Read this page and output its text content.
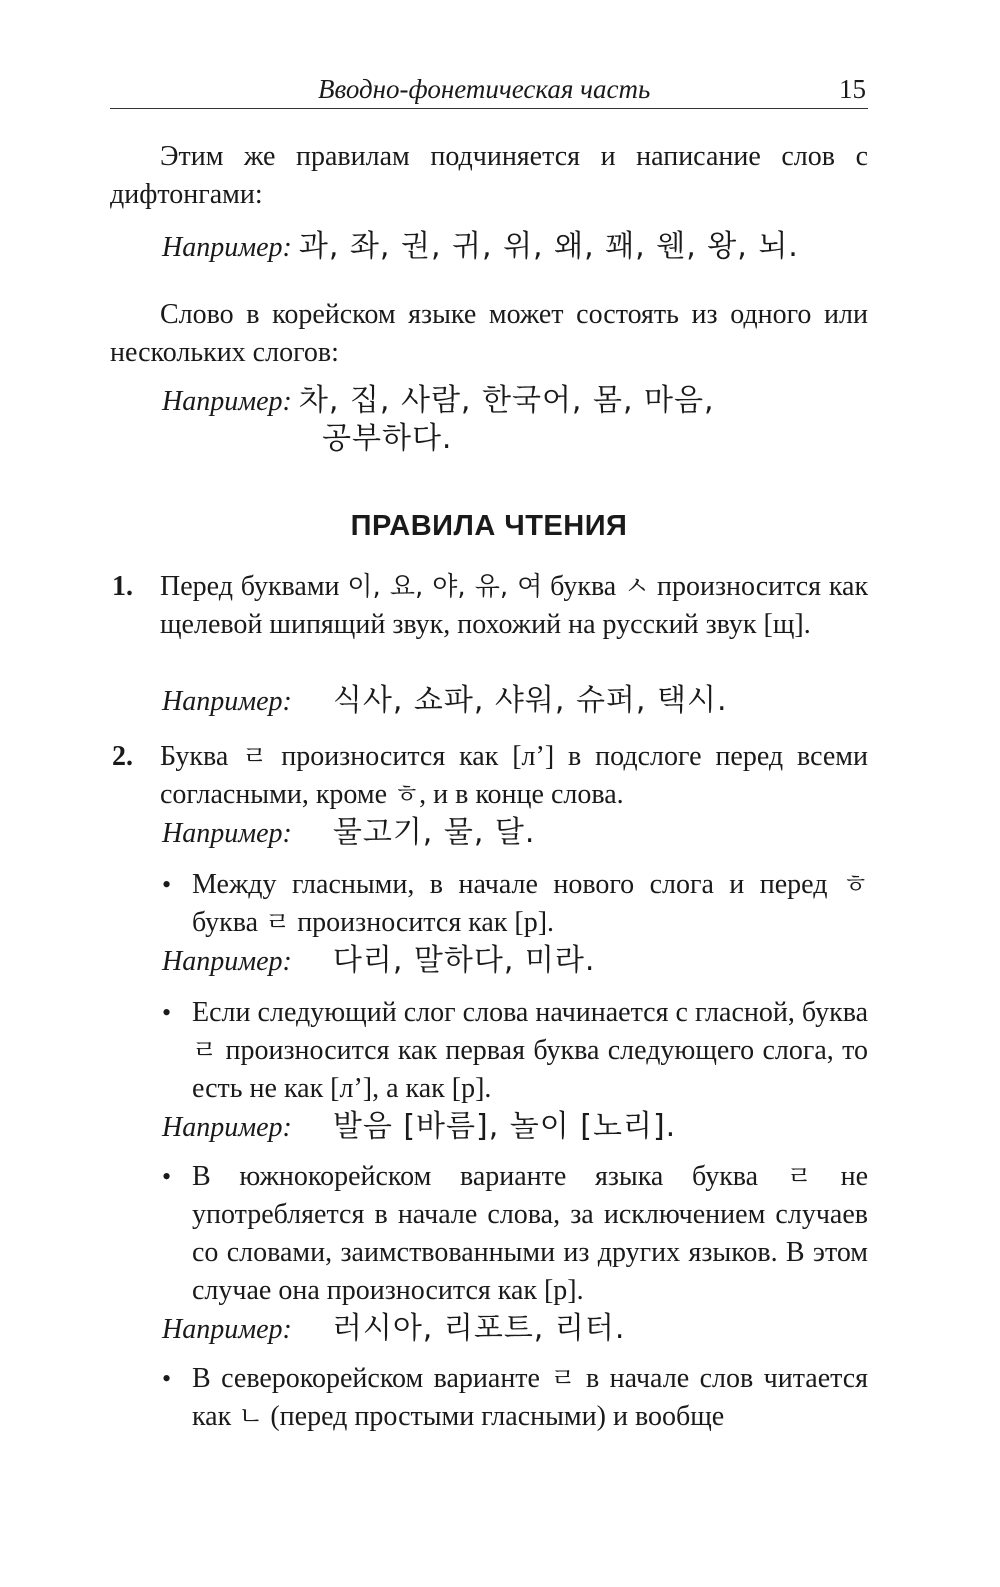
Вводно-фонетическая часть	15
Этим же правилам подчиняется и написание слов с дифтонгами:
Например: 과, 좌, 권, 귀, 위, 왜, 꽤, 웬, 왕, 뇌.
Слово в корейском языке может состоять из одного или нескольких слогов:
Например: 차, 집, 사람, 한국어, 몸, 마음,
공부하다.
ПРАВИЛА ЧТЕНИЯ
1. Перед буквами 이, 요, 야, 유, 여 буква ㅅ произносится как щелевой шипящий звук, похожий на русский звук [щ].
Например: 식사, 쇼파, 샤워, 슈퍼, 택시.
2. Буква ㄹ произносится как [л’] в подслоге перед всеми согласными, кроме ㅎ, и в конце слова.
Например: 물고기, 물, 달.
• Между гласными, в начале нового слога и перед ㅎ буква ㄹ произносится как [р].
Например: 다리, 말하다, 미라.
• Если следующий слог слова начинается с гласной, буква ㄹ произносится как первая буква следующего слога, то есть не как [л’], а как [р].
Например: 발음 [바름], 놀이 [노리].
• В южнокорейском варианте языка буква ㄹ не употребляется в начале слова, за исключением случаев со словами, заимствованными из других языков. В этом случае она произносится как [р].
Например: 러시아, 리포트, 리터.
• В северокорейском варианте ㄹ в начале слов читается как ㄴ (перед простыми гласными) и вообще
